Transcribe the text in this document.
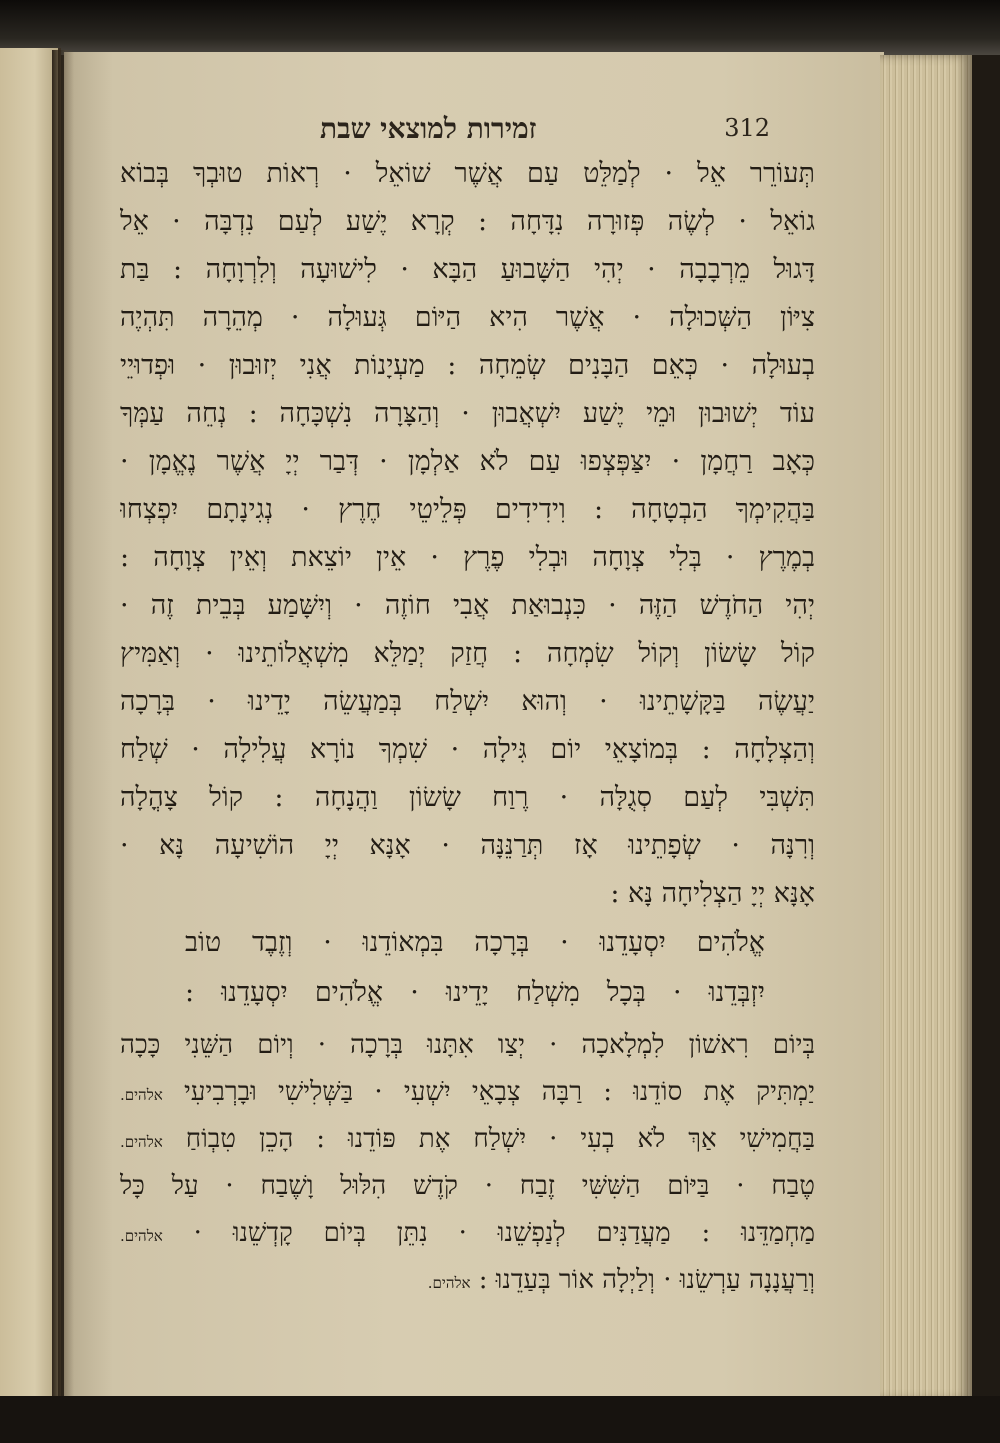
זמירות למוצאי שבת	312
תְּעוֹרֵר אֵל · לְמַלֵּט עַם אֲשֶׁר שׁוֹאֵל · רְאוֹת טוּבְךָ בְּבוֹא
גוֹאֵל · לְשֶׂה פְּזוּרָה נִדָּחָה : קְרָא יֶשַׁע לְעַם נִדְבָּה · אֵל
דָּגוּל מֵרְבָבָה · יְהִי הַשָּׁבוּעַ הַבָּא · לִישׁוּעָה וְלִרְוָחָה : בַּת
צִיּוֹן הַשְּׁכוּלָה · אֲשֶׁר הִיא הַיּוֹם גְּעוּלָה · מְהֵרָה תִּהְיֶה
בְעוּלָה · כְּאֵם הַבָּנִים שְׂמֵחָה : מַעְיָנוֹת אֲנִי יְזוּבוּן · וּפְדוּיֵי
עוֹד יְשׁוּבוּן וּמֵי יֶשַׁע יִשְׁאֲבוּן · וְהַצָּרָה נִשְׁכָּחָה : נְחֵה עַמְּךָ
כְּאָב רַחֲמָן · יִצַּפְּצְפוּ עַם לֹא אַלְמָן · דְּבַר יְיָ אֲשֶׁר נֶאֱמָן ·
בַּהֲקִימְךָ הַבְטָחָה : וִידִידִים פְּלֵיטֵי חֶרֶץ · נְגִינָתָם יִפְצְחוּ
בְמֶרֶץ · בְּלִי צְוָחָה וּבְלִי פֶרֶץ · אֵין יוֹצֵאת וְאֵין צְוָחָה :
יְהִי הַחֹדֶשׁ הַזֶּה · כִּנְבוּאַת אֲבִי חוֹזֶה · וְיִשָּׁמַע בְּבֵית זֶה ·
קוֹל שָׂשׂוֹן וְקוֹל שִׂמְחָה : חֲזַק יְמַלֵּא מִשְׁאֲלוֹתֵינוּ · וְאַמִּיץ
יַעֲשֶׂה בַּקָּשָׁתֵינוּ · וְהוּא יִשְׁלַח בְּמַעֲשֵׂה יָדֵינוּ · בְּרָכָה
וְהַצְלָחָה : בְּמוֹצָאֵי יוֹם גִּילָה · שִׁמְךָ נוֹרָא עֲלִילָה · שְׁלַח
תִּשְׁבִּי לְעַם סְגֻלָּה · רֶוַח שָׂשׂוֹן וַהֲנָחָה : קוֹל צָהֳלָה
וְרִנָּה · שְׂפָתֵינוּ אָז תְּרַנֵּנָּה · אָנָּא יְיָ הוֹשִׁיעָה נָּא ·
אָנָּא יְיָ הַצְלִיחָה נָּא :
אֱלֹהִים יִסְעָדֵנוּ · בְּרָכָה בִּמְאוֹדֵנוּ · וְזֶבֶד טוֹב
יִזְבְּדֵנוּ · בְּכָל מִשְׁלַח יָדֵינוּ · אֱלֹהִים יִסְעָדֵנוּ :
בְּיוֹם רִאשׁוֹן לִמְלָאכָה · יְצַו אִתָּנוּ בְּרָכָה · וְיוֹם הַשֵּׁנִי כָּכָה
יַמְתִּיק אֶת סוֹדֵנוּ : רַבָּה צְבָאֵי יִשְׁעִי · בַּשְּׁלִישִׁי וּבָרְבִיעִי אלהים.
בַּחֲמִישִׁי אַךְ לֹא בְעִי · יִשְׁלַח אֶת פּוֹדֵנוּ : הָכֵן טִבְוֹחַ אלהים.
טֶבַח · בַּיּוֹם הַשִּׁשִּׁי זֶבַח · קֹדֶשׁ הִלּוּל וָשֶׁבַח · עַל כָּל
מַחְמַדֵּנוּ : מַעֲדַנִּים לְנַפְשֵׁנוּ · נִתֵּן בְּיוֹם קָדְשֵׁנוּ · אלהים.
וְרַעֲנָנָה עַרְשֵׂנוּ · וְלַיְלָה אוֹר בְּעַדֵנוּ : אלהים.
